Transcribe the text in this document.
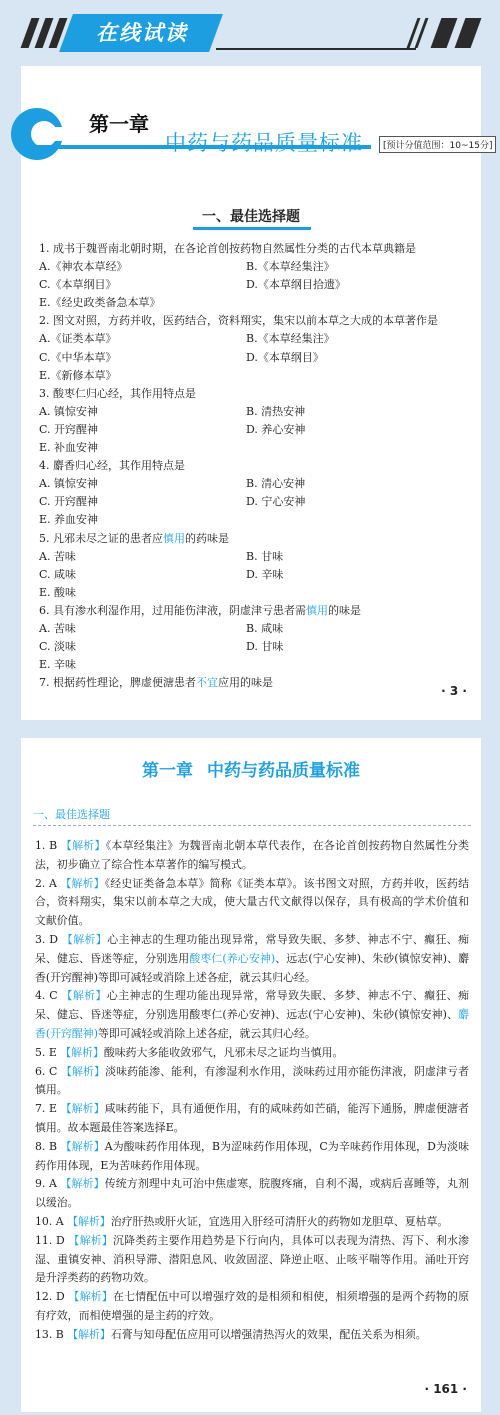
在线试读
第一章
中药与药品质量标准	[预计分值范围：10~15分]
一、最佳选择题
1. 成书于魏晋南北朝时期，在各论首创按药物自然属性分类的古代本草典籍是
A.《神农本草经》	B.《本草经集注》
C.《本草纲目》	D.《本草纲目拾遗》
E.《经史政类备急本草》
2. 图文对照，方药并收，医药结合，资料翔实，集宋以前本草之大成的本草著作是
A.《证类本草》	B.《本草经集注》
C.《中华本草》	D.《本草纲目》
E.《新修本草》
3. 酸枣仁归心经，其作用特点是
A. 镇惊安神	B. 清热安神
C. 开窍醒神	D. 养心安神
E. 补血安神
4. 麝香归心经，其作用特点是
A. 镇惊安神	B. 清心安神
C. 开窍醒神	D. 宁心安神
E. 养血安神
5. 凡邪未尽之证的患者应慎用的药味是
A. 苦味	B. 甘味
C. 咸味	D. 辛味
E. 酸味
6. 具有渗水利湿作用，过用能伤津液，阴虚津亏患者需慎用的味是
A. 苦味	B. 咸味
C. 淡味	D. 甘味
E. 辛味
7. 根据药性理论，脾虚便溏患者不宜应用的味是
· 3 ·
第一章 中药与药品质量标准
一、最佳选择题
1. B 【解析】《本草经集注》为魏晋南北朝本草代表作，在各论首创按药物自然属性分类法，初步确立了综合性本草著作的编写模式。
2. A 【解析】《经史证类备急本草》简称《证类本草》。该书图文对照，方药并收，医药结合，资料翔实，集宋以前本草之大成，使大量古代文献得以保存，具有极高的学术价值和文献价值。
3. D 【解析】心主神志的生理功能出现异常，常导致失眠、多梦、神志不宁、癫狂、痴呆、健忘、昏迷等症，分别选用酸枣仁(养心安神)、远志(宁心安神)、朱砂(镇惊安神)、麝香(开窍醒神)等即可减轻或消除上述各症，就云其归心经。
4. C 【解析】心主神志的生理功能出现异常，常导致失眠、多梦、神志不宁、癫狂、痴呆、健忘、昏迷等症，分别选用酸枣仁(养心安神)、远志(宁心安神)、朱砂(镇惊安神)、麝香(开窍醒神)等即可减轻或消除上述各症，就云其归心经。
5. E 【解析】酸味药大多能收敛邪气，凡邪未尽之证均当慎用。
6. C 【解析】淡味药能渗、能利，有渗湿利水作用，淡味药过用亦能伤津液，阴虚津亏者慎用。
7. E 【解析】咸味药能下，具有通便作用，有的咸味药如芒硝，能泻下通肠，脾虚便溏者慎用。故本题最佳答案选择E。
8. B 【解析】A为酸味药作用体现，B为涩味药作用体现，C为辛味药作用体现，D为淡味药作用体现，E为苦味药作用体现。
9. A 【解析】传统方剂理中丸可治中焦虚寒，脘腹疼痛，自利不渴，或病后喜睡等，丸剂以缓治。
10. A 【解析】治疗肝热或肝火证，宜选用入肝经可清肝火的药物如龙胆草、夏枯草。
11. D 【解析】沉降类药主要作用趋势是下行向内，具体可以表现为清热、泻下、利水渗湿、重镇安神、消积导滞、潜阳息风、收敛固涩、降逆止呕、止咳平喘等作用。涌吐开窍是升浮类药的药物功效。
12. D 【解析】在七情配伍中可以增强疗效的是相须和相使，相须增强的是两个药物的原有疗效，而相使增强的是主药的疗效。
13. B 【解析】石膏与知母配伍应用可以增强清热泻火的效果，配伍关系为相须。
· 161 ·
